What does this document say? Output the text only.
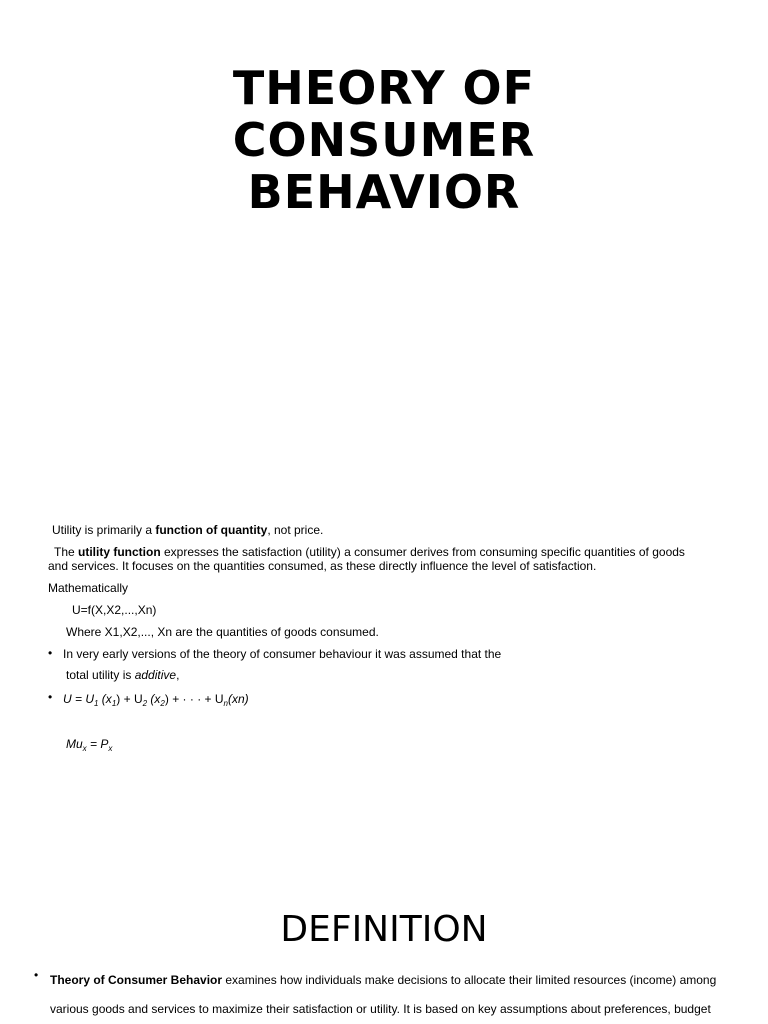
THEORY OF
CONSUMER
BEHAVIOR
Utility is primarily a function of quantity, not price.
The utility function expresses the satisfaction (utility) a consumer derives from consuming specific quantities of goods and services. It focuses on the quantities consumed, as these directly influence the level of satisfaction.
Mathematically
U=f(X,X2,...,Xn)
Where X1,X2,..., Xn are the quantities of goods consumed.
• In very early versions of the theory of consumer behaviour it was assumed that the
total utility is additive,
• $U = U_1$ $(x_1) + U_2$ $(x_2)$ + · · · + $U_n(xn)$
$Mu_x = P_x$
DEFINITION
• Theory of Consumer Behavior examines how individuals make decisions to allocate their limited resources (income) among various goods and services to maximize their satisfaction or utility. It is based on key assumptions about preferences, budget
